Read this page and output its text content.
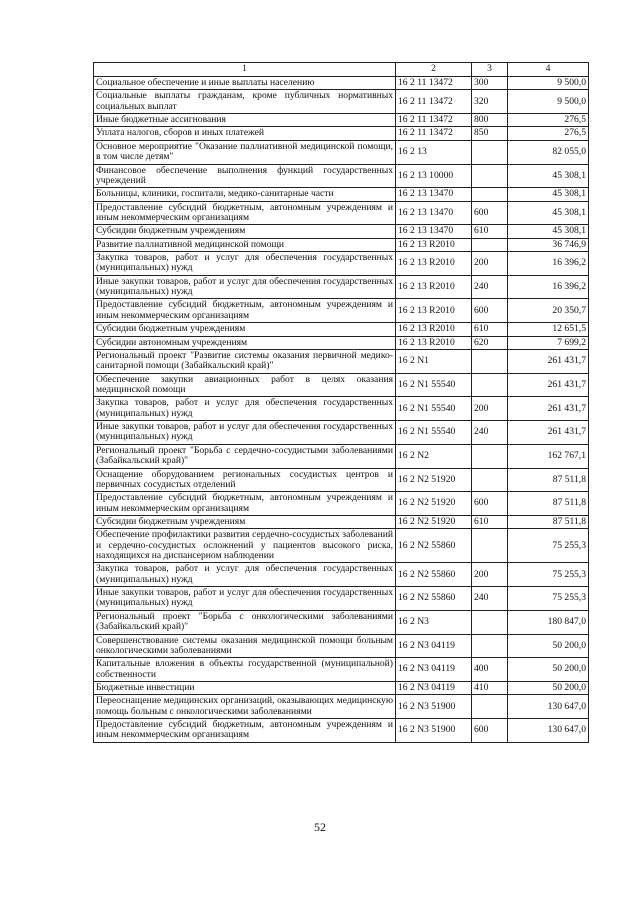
1	2	3	4
Социальное обеспечение и иные выплаты населению	16 2 11 13472	300	9 500,0
Социальные выплаты гражданам, кроме публичных нормативных социальных выплат	16 2 11 13472	320	9 500,0
Иные бюджетные ассигнования	16 2 11 13472	800	276,5
Уплата налогов, сборов и иных платежей	16 2 11 13472	850	276,5
Основное мероприятие "Оказание паллиативной медицинской помощи, в том числе детям"	16 2 13		82 055,0
Финансовое обеспечение выполнения функций государственных учреждений	16 2 13 10000		45 308,1
Больницы, клиники, госпитали, медико-санитарные части	16 2 13 13470		45 308,1
Предоставление субсидий бюджетным, автономным учреждениям и иным некоммерческим организациям	16 2 13 13470	600	45 308,1
Субсидии бюджетным учреждениям	16 2 13 13470	610	45 308,1
Развитие паллиативной медицинской помощи	16 2 13 R2010		36 746,9
Закупка товаров, работ и услуг для обеспечения государственных (муниципальных) нужд	16 2 13 R2010	200	16 396,2
Иные закупки товаров, работ и услуг для обеспечения государственных (муниципальных) нужд	16 2 13 R2010	240	16 396,2
Предоставление субсидий бюджетным, автономным учреждениям и иным некоммерческим организациям	16 2 13 R2010	600	20 350,7
Субсидии бюджетным учреждениям	16 2 13 R2010	610	12 651,5
Субсидии автономным учреждениям	16 2 13 R2010	620	7 699,2
Региональный проект "Развитие системы оказания первичной медико-санитарной помощи (Забайкальский край)"	16 2 N1		261 431,7
Обеспечение закупки авиационных работ в целях оказания медицинской помощи	16 2 N1 55540		261 431,7
Закупка товаров, работ и услуг для обеспечения государственных (муниципальных) нужд	16 2 N1 55540	200	261 431,7
Иные закупки товаров, работ и услуг для обеспечения государственных (муниципальных) нужд	16 2 N1 55540	240	261 431,7
Региональный проект "Борьба с сердечно-сосудистыми заболеваниями (Забайкальский край)"	16 2 N2		162 767,1
Оснащение оборудованием региональных сосудистых центров и первичных сосудистых отделений	16 2 N2 51920		87 511,8
Предоставление субсидий бюджетным, автономным учреждениям и иным некоммерческим организациям	16 2 N2 51920	600	87 511,8
Субсидии бюджетным учреждениям	16 2 N2 51920	610	87 511,8
Обеспечение профилактики развития сердечно-сосудистых заболеваний и сердечно-сосудистых осложнений у пациентов высокого риска, находящихся на диспансерном наблюдении	16 2 N2 55860		75 255,3
Закупка товаров, работ и услуг для обеспечения государственных (муниципальных) нужд	16 2 N2 55860	200	75 255,3
Иные закупки товаров, работ и услуг для обеспечения государственных (муниципальных) нужд	16 2 N2 55860	240	75 255,3
Региональный проект "Борьба с онкологическими заболеваниями (Забайкальский край)"	16 2 N3		180 847,0
Совершенствование системы оказания медицинской помощи больным онкологическими заболеваниями	16 2 N3 04119		50 200,0
Капитальные вложения в объекты государственной (муниципальной) собственности	16 2 N3 04119	400	50 200,0
Бюджетные инвестиции	16 2 N3 04119	410	50 200,0
Переоснащение медицинских организаций, оказывающих медицинскую помощь больным с онкологическими заболеваниями	16 2 N3 51900		130 647,0
Предоставление субсидий бюджетным, автономным учреждениям и иным некоммерческим организациям	16 2 N3 51900	600	130 647,0
52
